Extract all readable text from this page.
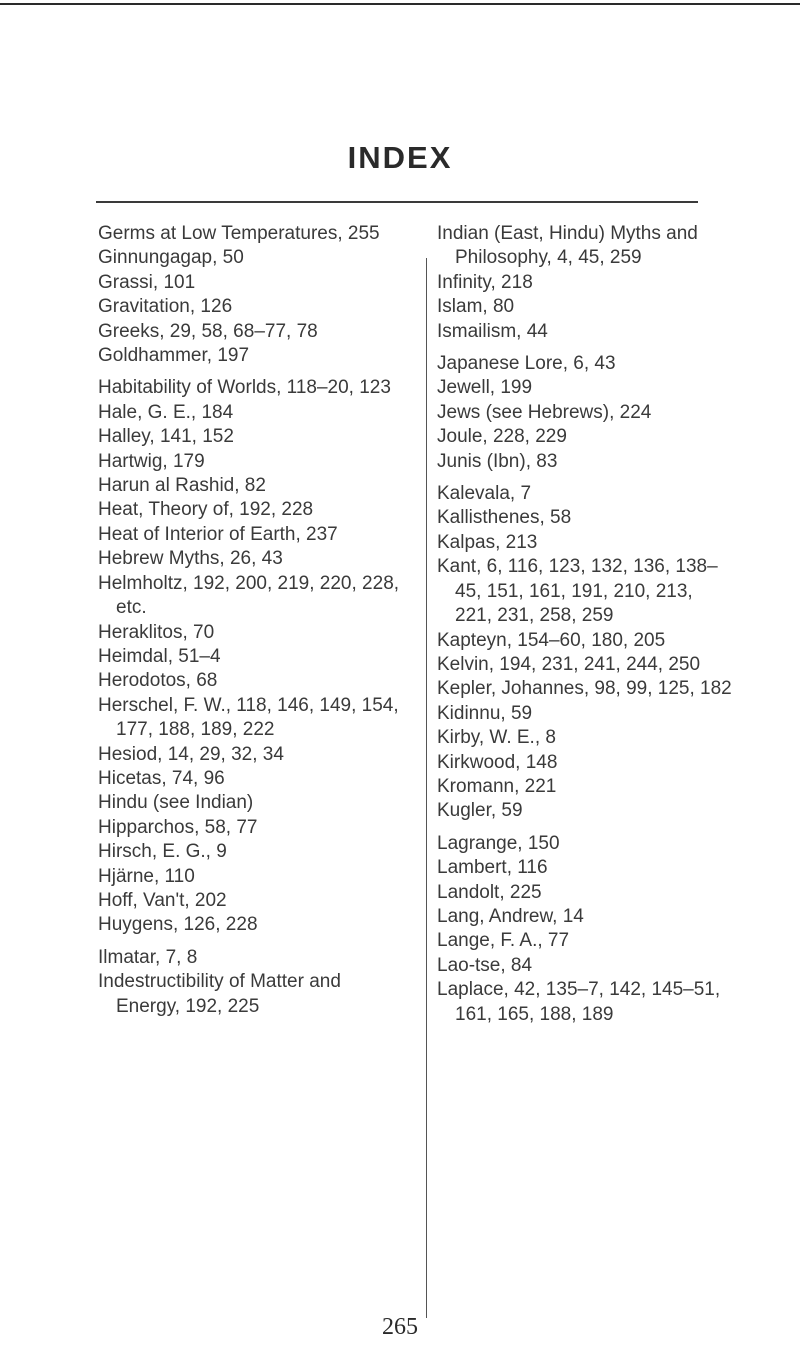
INDEX
Germs at Low Temperatures, 255
Ginnungagap, 50
Grassi, 101
Gravitation, 126
Greeks, 29, 58, 68–77, 78
Goldhammer, 197
Habitability of Worlds, 118–20, 123
Hale, G. E., 184
Halley, 141, 152
Hartwig, 179
Harun al Rashid, 82
Heat, Theory of, 192, 228
Heat of Interior of Earth, 237
Hebrew Myths, 26, 43
Helmholtz, 192, 200, 219, 220, 228, etc.
Heraklitos, 70
Heimdal, 51–4
Herodotos, 68
Herschel, F. W., 118, 146, 149, 154, 177, 188, 189, 222
Hesiod, 14, 29, 32, 34
Hicetas, 74, 96
Hindu (see Indian)
Hipparchos, 58, 77
Hirsch, E. G., 9
Hjärne, 110
Hoff, Van't, 202
Huygens, 126, 228
Ilmatar, 7, 8
Indestructibility of Matter and Energy, 192, 225
Indian (East, Hindu) Myths and Philosophy, 4, 45, 259
Infinity, 218
Islam, 80
Ismailism, 44
Japanese Lore, 6, 43
Jewell, 199
Jews (see Hebrews), 224
Joule, 228, 229
Junis (Ibn), 83
Kalevala, 7
Kallisthenes, 58
Kalpas, 213
Kant, 6, 116, 123, 132, 136, 138–45, 151, 161, 191, 210, 213, 221, 231, 258, 259
Kapteyn, 154–60, 180, 205
Kelvin, 194, 231, 241, 244, 250
Kepler, Johannes, 98, 99, 125, 182
Kidinnu, 59
Kirby, W. E., 8
Kirkwood, 148
Kromann, 221
Kugler, 59
Lagrange, 150
Lambert, 116
Landolt, 225
Lang, Andrew, 14
Lange, F. A., 77
Lao-tse, 84
Laplace, 42, 135–7, 142, 145–51, 161, 165, 188, 189
265
